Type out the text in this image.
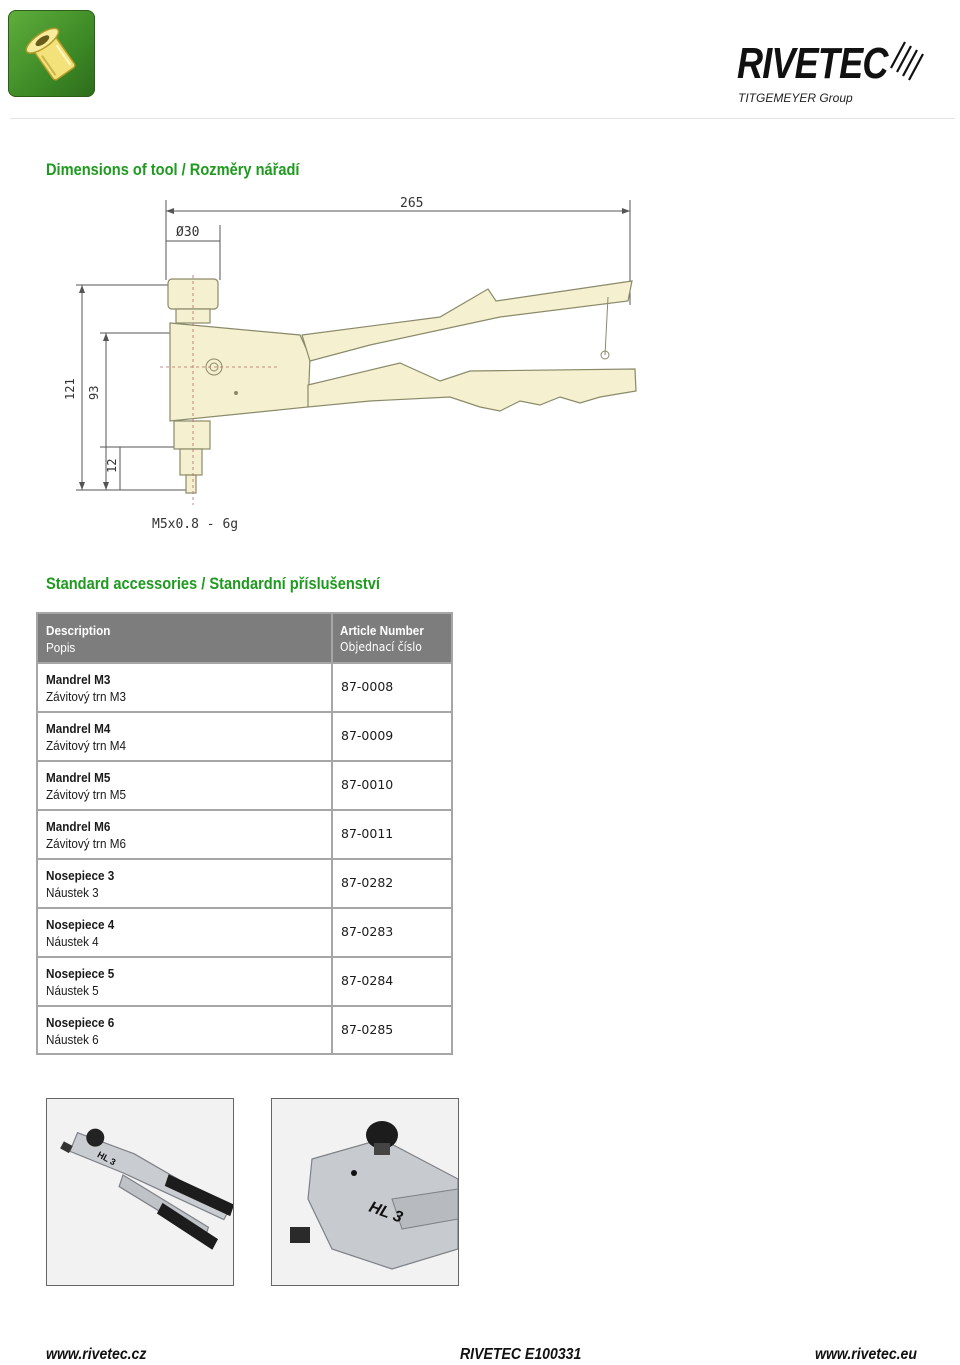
RIVETEC
TITGEMEYER Group
Dimensions of tool / Rozměry nářadí
265
Ø30
121 93
12
M5x0.8 - 6g
Standard accessories / Standardní příslušenství
Description
Popis
Article Number
Objednací číslo
Mandrel M3
Závitový trn M3
87-0008
Mandrel M4
Závitový trn M4
87-0009
Mandrel M5
Závitový trn M5
87-0010
Mandrel M6
Závitový trn M6
87-0011
Nosepiece 3
Náustek 3
87-0282
Nosepiece 4
Náustek 4
87-0283
Nosepiece 5
Náustek 5
87-0284
Nosepiece 6
Náustek 6
87-0285
HL 3
HL 3
www.rivetec.cz	RIVETEC E100331	www.rivetec.eu
